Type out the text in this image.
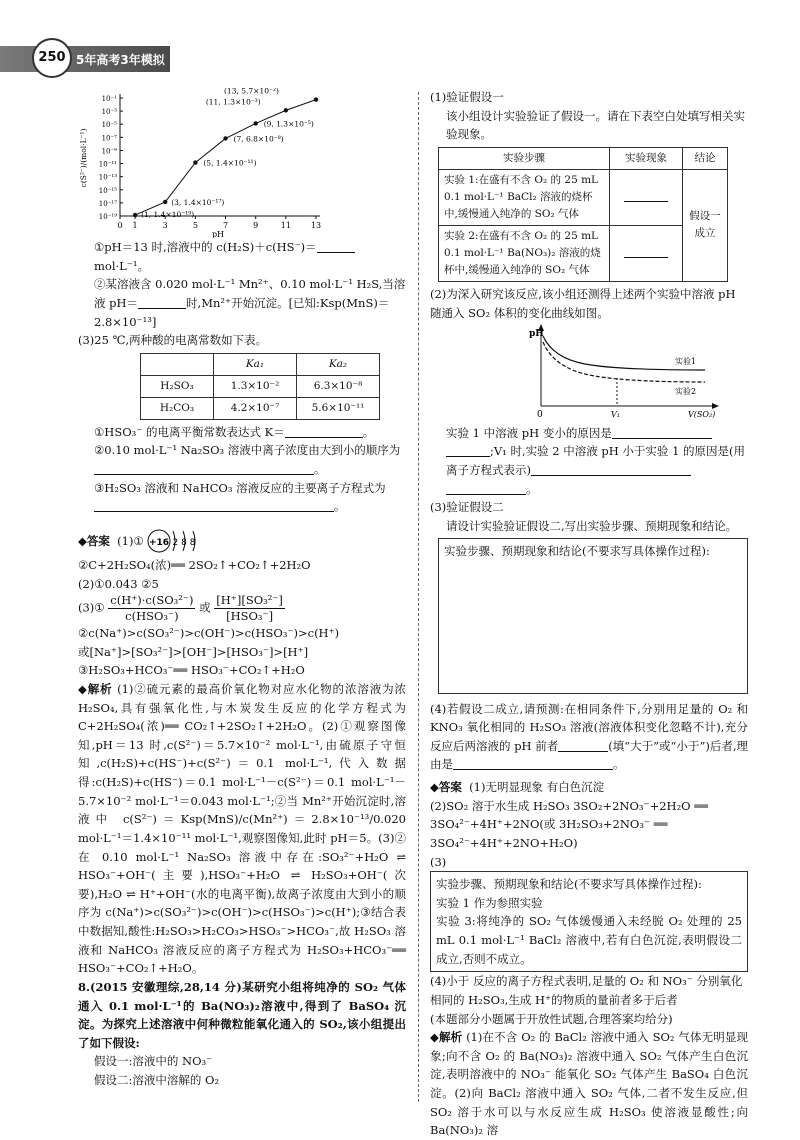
250 5年高考3年模拟 A 版(教师用书)
0 1	3	5	7	9	11 13
10⁻¹
10⁻³
10⁻⁵
10⁻⁷
10⁻⁹
10⁻¹¹
10⁻¹³
10⁻¹⁵
10⁻¹⁷
10⁻¹⁹
c(S²⁻)/(mol·L⁻¹)
pH
(1, 1.4×10⁻¹⁹)
(3, 1.4×10⁻¹⁷)
(5, 1.4×10⁻¹¹)
(7, 6.8×10⁻⁸)
(9, 1.3×10⁻⁵)
(11, 1.3×10⁻³)
(13, 5.7×10⁻²)

①pH＝13 时,溶液中的 c(H₂S)＋c(HS⁻)＝mol·L⁻¹。

②某溶液含 0.020 mol·L⁻¹ Mn²⁺、0.10 mol·L⁻¹ H₂S,当溶液 pH＝	时,Mn²⁺开始沉淀。[已知:Ksp(MnS)＝2.8×10⁻¹³]

(3)25 ℃,两种酸的电离常数如下表。

	Ka₁	Ka₂
H₂SO₃	1.3×10⁻²	6.3×10⁻⁸
H₂CO₃	4.2×10⁻⁷	5.6×10⁻¹¹

①HSO₃⁻ 的电离平衡常数表达式 K＝	。

②0.10 mol·L⁻¹ Na₂SO₃ 溶液中离子浓度由大到小的顺序为。

③H₂SO₃ 溶液和 NaHCO₃ 溶液反应的主要离子方程式为
。

◆答案
(1)① +16 2 8 8

②C+2H₂SO₄(浓)══ 2SO₂↑+CO₂↑+2H₂O

(2)①0.043 ②5

(3)① $\frac{\text{c(H⁺)·c(SO₃²⁻)}}{\text{c(HSO₃⁻)}}$ 或 $\frac{\text{[H⁺][SO₃²⁻]}}{\text{[HSO₃⁻]}}$

②c(Na⁺)>c(SO₃²⁻)>c(OH⁻)>c(HSO₃⁻)>c(H⁺)

或[Na⁺]>[SO₃²⁻]>[OH⁻]>[HSO₃⁻]>[H⁺]

③H₂SO₃+HCO₃⁻══ HSO₃⁻+CO₂↑+H₂O

◆解析 (1)②硫元素的最高价氧化物对应水化物的浓溶液为浓 H₂SO₄,具有强氧化性,与木炭发生反应的化学方程式为 C+2H₂SO₄(浓)══ CO₂↑+2SO₂↑+2H₂O。(2)①观察图像知,pH＝13 时,c(S²⁻)＝5.7×10⁻² mol·L⁻¹,由硫原子守恒知,c(H₂S)+c(HS⁻)+c(S²⁻)＝0.1 mol·L⁻¹,代入数据得:c(H₂S)+c(HS⁻)＝0.1 mol·L⁻¹－c(S²⁻)＝0.1 mol·L⁻¹－5.7×10⁻² mol·L⁻¹＝0.043 mol·L⁻¹;②当 Mn²⁺开始沉淀时,溶液中 c(S²⁻)＝Ksp(MnS)/c(Mn²⁺)＝2.8×10⁻¹³/0.020 mol·L⁻¹＝1.4×10⁻¹¹ mol·L⁻¹,观察图像知,此时 pH＝5。(3)②在 0.10 mol·L⁻¹ Na₂SO₃ 溶液中存在:SO₃²⁻+H₂O ⇌ HSO₃⁻+OH⁻(主要),HSO₃⁻+H₂O ⇌ H₂SO₃+OH⁻(次要),H₂O ⇌ H⁺+OH⁻(水的电离平衡),故离子浓度由大到小的顺序为 c(Na⁺)>c(SO₃²⁻)>c(OH⁻)>c(HSO₃⁻)>c(H⁺);③结合表中数据知,酸性:H₂SO₃>H₂CO₃>HSO₃⁻>HCO₃⁻,故 H₂SO₃ 溶液和 NaHCO₃ 溶液反应的离子方程式为 H₂SO₃+HCO₃⁻══ HSO₃⁻+CO₂↑+H₂O。

8.(2015 安徽理综,28,14 分)某研究小组将纯净的 SO₂ 气体通入 0.1 mol·L⁻¹的 Ba(NO₃)₂溶液中,得到了 BaSO₄ 沉淀。为探究上述溶液中何种微粒能氧化通入的 SO₂,该小组提出了如下假设:

假设一:溶液中的 NO₃⁻

假设二:溶液中溶解的 O₂

(1)验证假设一

该小组设计实验验证了假设一。请在下表空白处填写相关实验现象。

实验步骤	实验现象	结论
实验 1:在盛有不含 O₂ 的 25 mL 0.1 mol·L⁻¹ BaCl₂ 溶液的烧杯中,缓慢通入纯净的 SO₂ 气体		假设一成立
实验 2:在盛有不含 O₂ 的 25 mL 0.1 mol·L⁻¹ Ba(NO₃)₂ 溶液的烧杯中,缓慢通入纯净的 SO₂ 气体		

(2)为深入研究该反应,该小组还测得上述两个实验中溶液 pH 随通入 SO₂ 体积的变化曲线如图。

pH
0	V(SO₂)
V₁
实验1
实验2

实验 1 中溶液 pH 变小的原因是
;V₁ 时,实验 2 中溶液 pH 小于实验 1 的原因是(用离子方程式表示)
。

(3)验证假设二

请设计实验验证假设二,写出实验步骤、预期现象和结论。

实验步骤、预期现象和结论(不要求写具体操作过程):

(4)若假设二成立,请预测:在相同条件下,分别用足量的 O₂ 和 KNO₃ 氧化相同的 H₂SO₃ 溶液(溶液体积变化忽略不计),充分反应后两溶液的 pH 前者	(填“大于”或“小于”)后者,理由是	。

◆答案 (1)无明显现象 有白色沉淀

(2)SO₂ 溶于水生成 H₂SO₃ 3SO₂+2NO₃⁻+2H₂O ══ 3SO₄²⁻+4H⁺+2NO(或 3H₂SO₃+2NO₃⁻ ══ 3SO₄²⁻+4H⁺+2NO+H₂O)

(3)

实验步骤、预期现象和结论(不要求写具体操作过程):

实验 1 作为参照实验

实验 3:将纯净的 SO₂ 气体缓慢通入未经脱 O₂ 处理的 25 mL 0.1 mol·L⁻¹ BaCl₂ 溶液中,若有白色沉淀,表明假设二成立,否则不成立。

(4)小于 反应的离子方程式表明,足量的 O₂ 和 NO₃⁻ 分别氧化相同的 H₂SO₃,生成 H⁺的物质的量前者多于后者

(本题部分小题属于开放性试题,合理答案均给分)

◆解析 (1)在不含 O₂ 的 BaCl₂ 溶液中通入 SO₂ 气体无明显现象;向不含 O₂ 的 Ba(NO₃)₂ 溶液中通入 SO₂ 气体产生白色沉淀,表明溶液中的 NO₃⁻ 能氧化 SO₂ 气体产生 BaSO₄ 白色沉淀。(2)向 BaCl₂ 溶液中通入 SO₂ 气体,二者不发生反应,但 SO₂ 溶于水可以与水反应生成 H₂SO₃ 使溶液显酸性;向 Ba(NO₃)₂ 溶
